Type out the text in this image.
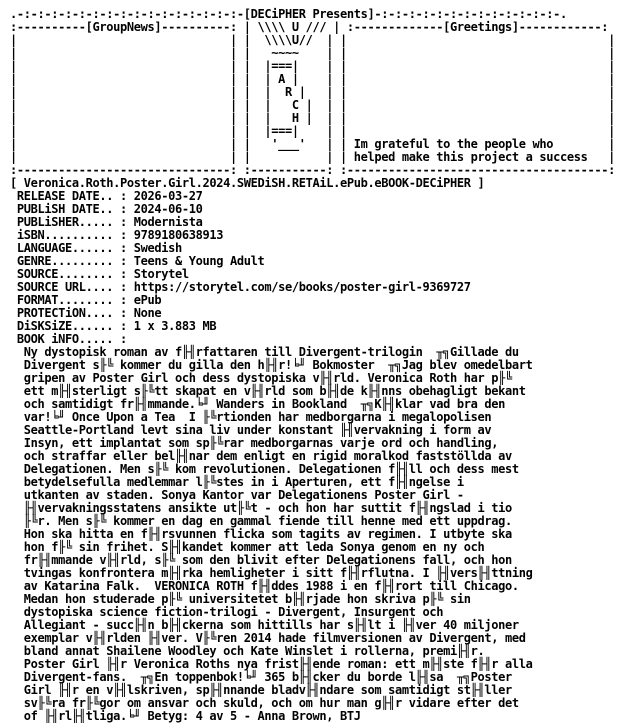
.-:-:-:-:-:-:-:-:-:-:-:-:-:-:-:-:-[DECiPHER Presents]-:-:-:-:-:-:-:-:-:-:-:-:-:-.
:----------[GroupNews]----------: | \\\\ U /// | :-------------[Greetings]------------:
|                               | |  \\\\U//  | |                                      |
|                               | |   ~~~~    | |                                      |
|                               | |  |===|    | |                                      |
|                               | |  | A |    | |                                      |
|                               | |  |  R |   | |                                      |
|                               | |  |   C |  | |                                      |
|                               | |  |   H |  | |                                      |
|                               | |  |===|    | |                                      |
|                               | |   '___'   | | Im grateful to the people who        |
|                               | |           | | helped make this project a success   |
:-------------------------------: :-----------: :--------------------------------------:
[ Veronica.Roth.Poster.Girl.2024.SWEDiSH.RETAiL.ePub.eBOOK-DECiPHER ]
RELEASE DATE.. : 2026-03-27
PUBLiSH DATE.. : 2024-06-10
PUBLiSHER..... : Modernista
iSBN.......... : 9789180638913
LANGUAGE...... : Swedish
GENRE......... : Teens & Young Adult
SOURCE........ : Storytel
SOURCE URL.... : https://storytel.com/se/books/poster-girl-9369727
FORMAT........ : ePub
PROTECTiON.... : None
DiSKSiZE...... : 1 x 3.883 MB
BOOK iNFO..... :
Ny dystopisk roman av f╟╢rfattaren till Divergent-trilogin  ╥╗Gillade du
Divergent s╟╚ kommer du gilla den h╟╢r!╘╜ Bokmoster  ╥╗Jag blev omedelbart
gripen av Poster Girl och dess dystopiska v╟╢rld. Veronica Roth har p╟╚
ett m╟╢sterligt s╟╚tt skapat en v╟╢rld som b╟╢de k╟╢nns obehagligt bekant
och samtidigt fr╟╢mmande.╘╜ Wanders in Bookland  ╥╗K╟╢klar vad bra den
var!╘╜ Once Upon a Tea  I ╟╚rtionden har medborgarna i megalopolisen
Seattle-Portland levt sina liv under konstant ╟╢vervakning i form av
Insyn, ett implantat som sp╟╚rar medborgarnas varje ord och handling,
och straffar eller bel╟╢nar dem enligt en rigid moralkod faststöllda av
Delegationen. Men s╟╚ kom revolutionen. Delegationen f╟╢ll och dess mest
betydelsefulla medlemmar l╟╚stes in i Aperturen, ett f╟╢ngelse i
utkanten av staden. Sonya Kantor var Delegationens Poster Girl -
╟╢vervakningsstatens ansikte ut╟╚t - och hon har suttit f╟╢ngslad i tio
╟╚r. Men s╟╚ kommer en dag en gammal fiende till henne med ett uppdrag.
Hon ska hitta en f╟╢rsvunnen flicka som tagits av regimen. I utbyte ska
hon f╟╚ sin frihet. S╟╢kandet kommer att leda Sonya genom en ny och
fr╟╢mmande v╟╢rld, s╟╚ som den blivit efter Delegationens fall, och hon
tvingas konfrontera m╟╢rka hemligheter i sitt f╟╢rflutna. I ╟╢vers╟╢ttning
av Katarina Falk.  VERONICA ROTH f╟╢ddes 1988 i en f╟╢rort till Chicago.
Medan hon studerade p╟╚ universitetet b╟╢rjade hon skriva p╟╚ sin
dystopiska science fiction-trilogi - Divergent, Insurgent och
Allegiant - succ╟╢n b╟╢ckerna som hittills har s╟╢lt i ╟╢ver 40 miljoner
exemplar v╟╢rlden ╟╢ver. V╟╚ren 2014 hade filmversionen av Divergent, med
bland annat Shailene Woodley och Kate Winslet i rollerna, premi╟╢r.
Poster Girl ╟╢r Veronica Roths nya frist╟╢ende roman: ett m╟╢ste f╟╢r alla
Divergent-fans.  ╥╗En toppenbok!╘╜ 365 b╟╢cker du borde l╟╢sa  ╥╗Poster
Girl ╟╢r en v╟╢lskriven, sp╟╢nnande bladv╟╢ndare som samtidigt st╟╢ller
sv╟╚ra fr╟╚gor om ansvar och skuld, och om hur man g╟╢r vidare efter det
of ╟╢rl╟╢tliga.╘╜ Betyg: 4 av 5 - Anna Brown, BTJ
